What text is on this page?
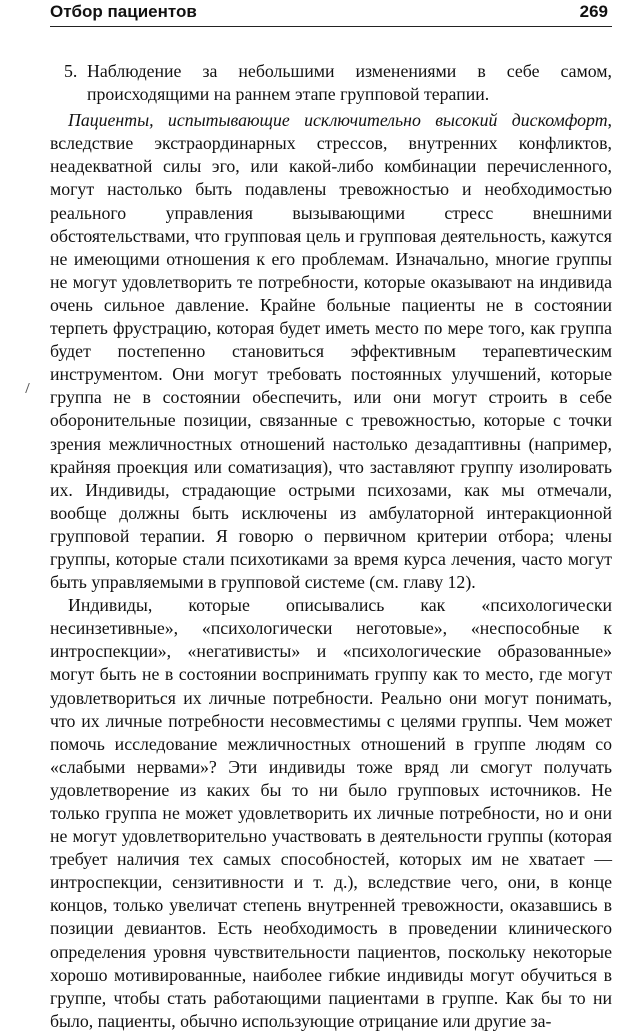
Отбор пациентов	269

5. Наблюдение за небольшими изменениями в себе самом, происходящими на раннем этапе групповой терапии.

Пациенты, испытывающие исключительно высокий дискомфорт, вследствие экстраординарных стрессов, внутренних конфликтов, неадекватной силы эго, или какой-либо комбинации перечисленного, могут настолько быть подавлены тревожностью и необходимостью реального управления вызывающими стресс внешними обстоятельствами, что групповая цель и групповая деятельность, кажутся не имеющими отношения к его проблемам. Изначально, многие группы не могут удовлетворить те потребности, которые оказывают на индивида очень сильное давление. Крайне больные пациенты не в состоянии терпеть фрустрацию, которая будет иметь место по мере того, как группа будет постепенно становиться эффективным терапевтическим инструментом. Они могут требовать постоянных улучшений, которые группа не в состоянии обеспечить, или они могут строить в себе оборонительные позиции, связанные с тревожностью, которые с точки зрения межличностных отношений настолько дезадаптивны (например, крайняя проекция или соматизация), что заставляют группу изолировать их. Индивиды, страдающие острыми психозами, как мы отмечали, вообще должны быть исключены из амбулаторной интеракционной групповой терапии. Я говорю о первичном критерии отбора; члены группы, которые стали психотиками за время курса лечения, часто могут быть управляемыми в групповой системе (см. главу 12).

Индивиды, которые описывались как «психологически несинзетивные», «психологически неготовые», «неспособные к интроспекции», «негативисты» и «психологические образованные» могут быть не в состоянии воспринимать группу как то место, где могут удовлетвориться их личные потребности. Реально они могут понимать, что их личные потребности несовместимы с целями группы. Чем может помочь исследование межличностных отношений в группе людям со «слабыми нервами»? Эти индивиды тоже вряд ли смогут получать удовлетворение из каких бы то ни было групповых источников. Не только группа не может удовлетворить их личные потребности, но и они не могут удовлетворительно участвовать в деятельности группы (которая требует наличия тех самых способностей, которых им не хватает — интроспекции, сензитивности и т. д.), вследствие чего, они, в конце концов, только увеличат степень внутренней тревожности, оказавшись в позиции девиантов. Есть необходимость в проведении клинического определения уровня чувствительности пациентов, поскольку некоторые хорошо мотивированные, наиболее гибкие индивиды могут обучиться в группе, чтобы стать работающими пациентами в группе. Как бы то ни было, пациенты, обычно использующие отрицание или другие за-
